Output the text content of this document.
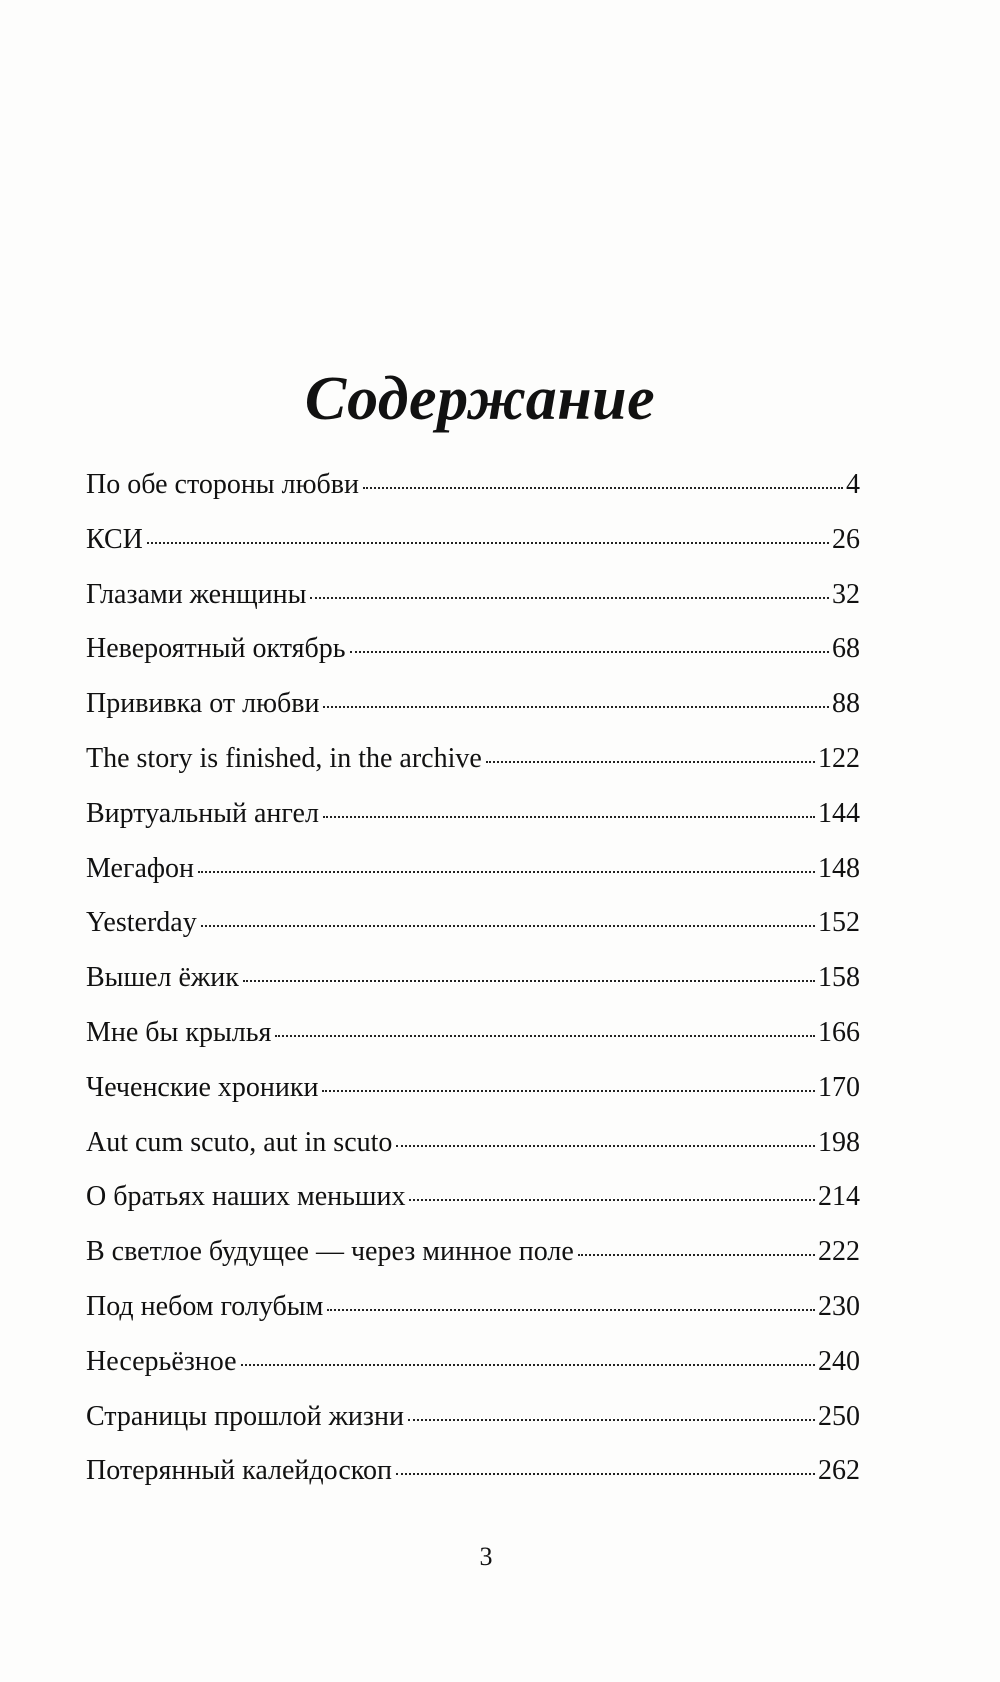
Содержание
По обе стороны любви	4
КСИ	26
Глазами женщины	32
Невероятный октябрь	68
Прививка от любви	88
The story is finished, in the archive	122
Виртуальный ангел	144
Мегафон	148
Yesterday	152
Вышел ёжик	158
Мне бы крылья	166
Чеченские хроники	170
Aut cum scuto, aut in scuto	198
О братьях наших меньших	214
В светлое будущее — через минное поле	222
Под небом голубым	230
Несерьёзное	240
Страницы прошлой жизни	250
Потерянный калейдоскоп	262
3
